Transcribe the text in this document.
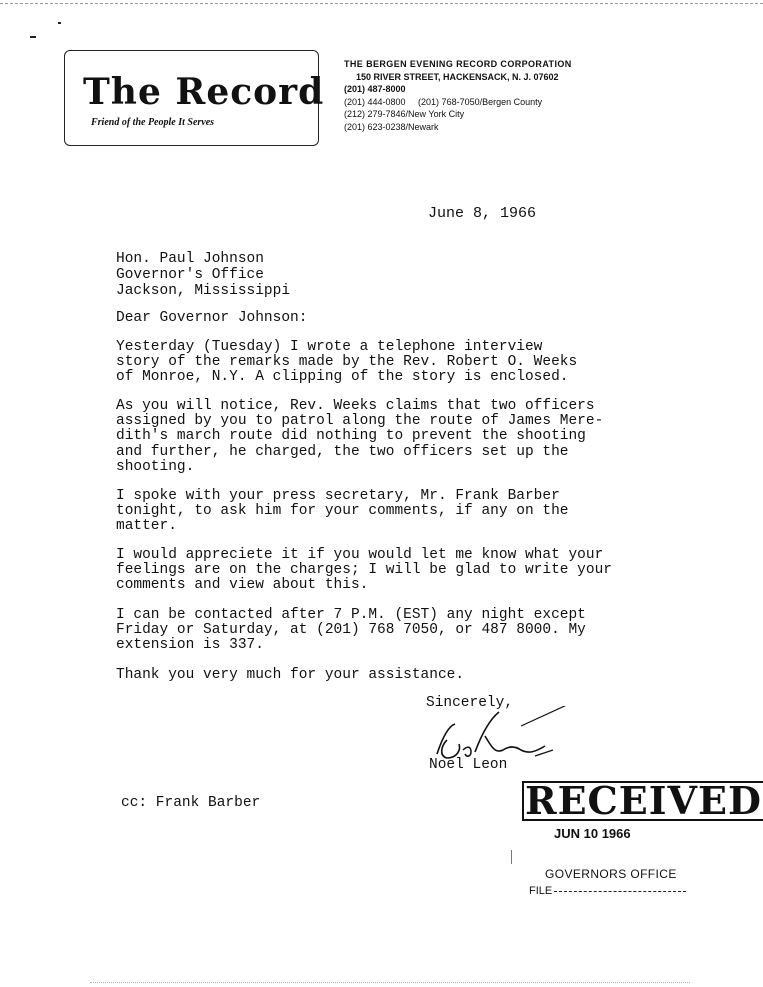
The Record
Friend of the People It Serves
THE BERGEN EVENING RECORD CORPORATION
150 RIVER STREET, HACKENSACK, N. J. 07602
(201) 487-8000
(201) 444-0800     (201) 768-7050/Bergen County
(212) 279-7846/New York City
(201) 623-0238/Newark
June 8, 1966
Hon. Paul Johnson
Governor's Office
Jackson, Mississippi
Dear Governor Johnson:

Yesterday (Tuesday) I wrote a telephone interview
story of the remarks made by the Rev. Robert O. Weeks
of Monroe, N.Y. A clipping of the story is enclosed.

As you will notice, Rev. Weeks claims that two officers
assigned by you to patrol along the route of James Mere-
dith's march route did nothing to prevent the shooting
and further, he charged, the two officers set up the
shooting.

I spoke with your press secretary, Mr. Frank Barber
tonight, to ask him for your comments, if any on the
matter.

I would appreciete it if you would let me know what your
feelings are on the charges; I will be glad to write your
comments and view about this.

I can be contacted after 7 P.M. (EST) any night except
Friday or Saturday, at (201) 768 7050, or 487 8000. My
extension is 337.

Thank you very much for your assistance.

Sincerely,
Noel Leon
cc: Frank Barber	RECEIVED
JUN 10 1966
GOVERNORS OFFICE
FILE
